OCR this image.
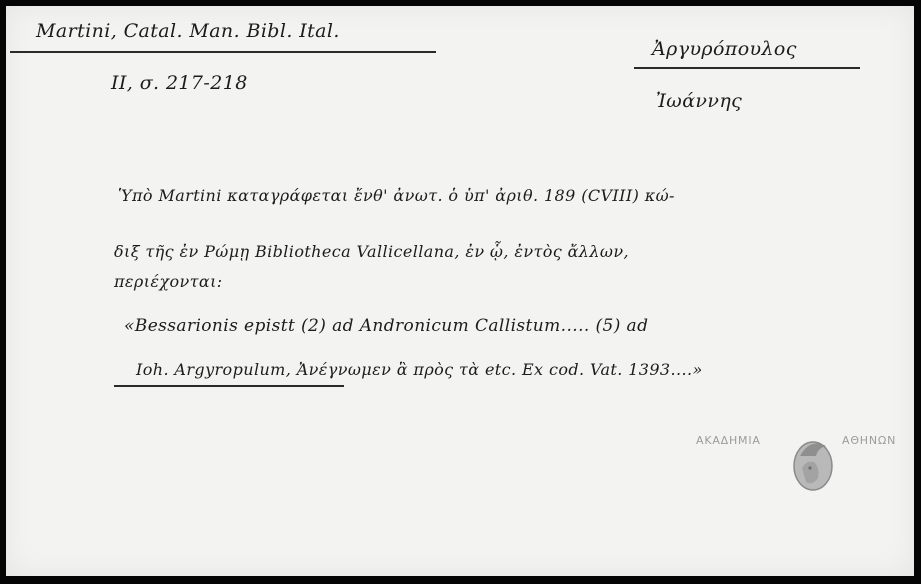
Martini, Catal. Man. Bibl. Ital.
II, σ. 217-218
Ἀργυρόπουλος
Ἰωάννης
Ὑπὸ Martini καταγράφεται ἔνθ' ἀνωτ. ὁ ὑπ' ἀριθ. 189 (CVIII) κώ-
διξ τῆς ἐν Ρώμῃ Bibliotheca Vallicellana, ἐν ᾧ, ἐντὸς ἄλλων,
περιέχονται:
«Bessarionis epistt (2) ad Andronicum Callistum..... (5) ad
Ioh. Argyropulum, Ἀνέγνωμεν ἃ πρὸς τὰ etc. Ex cod. Vat. 1393....»
ΑΚΑΔΗΜΙΑ	ΑΘΗΝΩΝ
